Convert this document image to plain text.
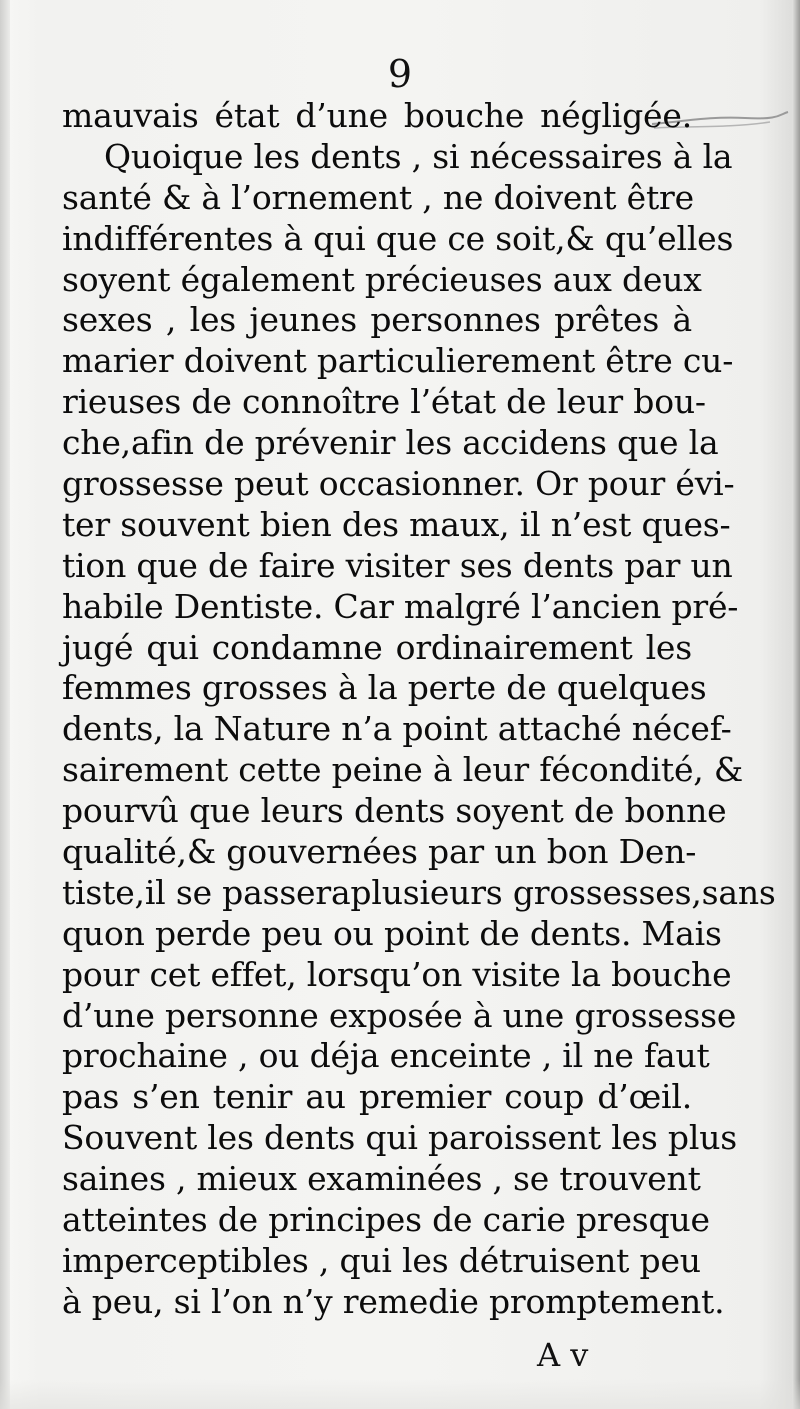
9
mauvais état d’une bouche négligée.
Quoique les dents , si nécessaires à la
santé & à l’ornement , ne doivent être
indifférentes à qui que ce soit,& qu’elles
soyent également précieuses aux deux
sexes , les jeunes personnes prêtes à
marier doivent particulierement être cu-
rieuses de connoître l’état de leur bou-
che,afin de prévenir les accidens que la
grossesse peut occasionner. Or pour évi-
ter souvent bien des maux, il n’est ques-
tion que de faire visiter ses dents par un
habile Dentiste. Car malgré l’ancien pré-
jugé qui condamne ordinairement les
femmes grosses à la perte de quelques
dents, la Nature n’a point attaché nécef-
sairement cette peine à leur fécondité, &
pourvû que leurs dents soyent de bonne
qualité,& gouvernées par un bon Den-
tiste,il se passeraplusieurs grossesses,sans
quon perde peu ou point de dents. Mais
pour cet effet, lorsqu’on visite la bouche
d’une personne exposée à une grossesse
prochaine , ou déja enceinte , il ne faut
pas s’en tenir au premier coup d’œil.
Souvent les dents qui paroissent les plus
saines , mieux examinées , se trouvent
atteintes de principes de carie presque
imperceptibles , qui les détruisent peu
à peu, si l’on n’y remedie promptement.
A v
